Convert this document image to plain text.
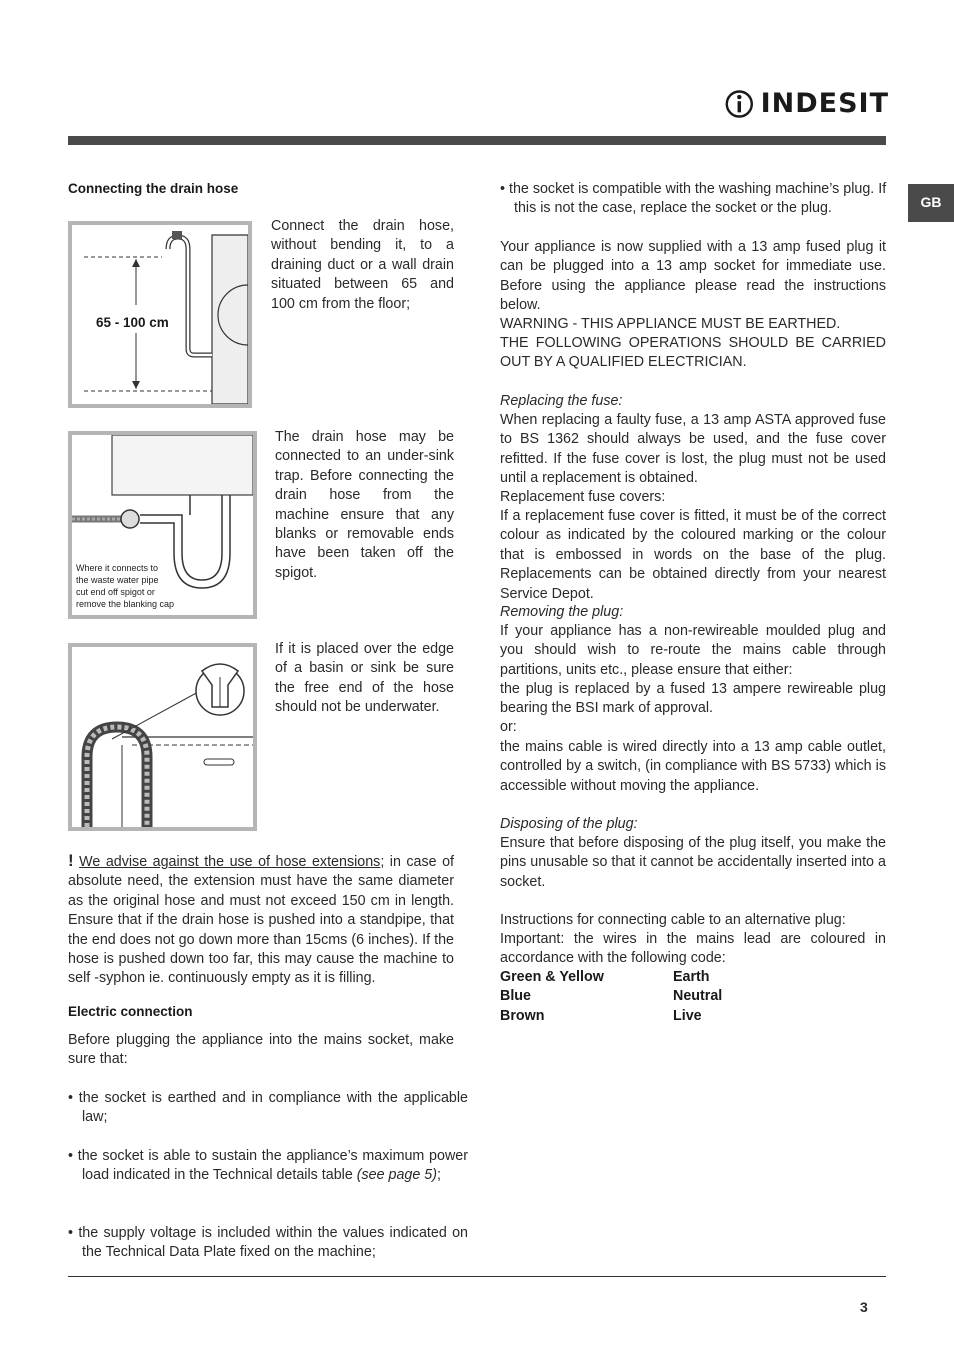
INDESIT
GB
Connecting the drain hose
65 - 100 cm

Connect the drain hose, without bending it, to a draining duct or a wall drain situated between 65 and 100 cm from the floor;

Where it connects to
the waste water pipe
cut end off spigot or
remove the blanking cap

The drain hose may be connected to an under-sink trap. Before connecting the drain hose from the machine ensure that any blanks or removable ends have been taken off the spigot.

If it is placed over the edge of a basin or sink be sure the free end of the hose should not be underwater.

! We advise against the use of hose extensions; in case of absolute need, the extension must have the same diameter as the original hose and must not exceed 150 cm in length. Ensure that if the drain hose is pushed into a standpipe, that the end does not go down more than 15cms (6 inches). If the hose is pushed down too far, this may cause the machine to self -syphon ie. continuously empty as it is filling.

Electric connection

Before plugging the appliance into the mains socket, make sure that:

• the socket is earthed and in compliance with the applicable law;

• the socket is able to sustain the appliance’s maximum power load indicated in the Technical details table (see page 5);

• the supply voltage is included within the values indicated on the Technical Data Plate fixed on the machine;

• the socket is compatible with the washing machine’s plug. If this is not the case, replace the socket or the plug.

Your appliance is now supplied with a 13 amp fused plug it can be plugged into a 13 amp socket for immediate use. Before using the appliance please read the instructions below.

WARNING - THIS APPLIANCE MUST BE EARTHED.

THE FOLLOWING OPERATIONS SHOULD BE CARRIED OUT BY A QUALIFIED ELECTRICIAN.

Replacing the fuse:

When replacing a faulty fuse, a 13 amp ASTA approved fuse to BS 1362 should always be used, and the fuse cover refitted. If the fuse cover is lost, the plug must not be used until a replacement is obtained.

Replacement fuse covers:

If a replacement fuse cover is fitted, it must be of the correct colour as indicated by the coloured marking or the colour that is embossed in words on the base of the plug. Replacements can be obtained directly from your nearest Service Depot.

Removing the plug:

If your appliance has a non-rewireable moulded plug and you should wish to re-route the mains cable through partitions, units etc., please ensure that either:

the plug is replaced by a fused 13 ampere rewireable plug bearing the BSI mark of approval.

or:

the mains cable is wired directly into a 13 amp cable outlet, controlled by a switch, (in compliance with BS 5733) which is accessible without moving the appliance.

Disposing of the plug:

Ensure that before disposing of the plug itself, you make the pins unusable so that it cannot be accidentally inserted into a socket.

Instructions for connecting cable to an alternative plug:

Important: the wires in the mains lead are coloured in accordance with the following code:

Green & Yellow	Earth
Blue	Neutral
Brown	Live
3
